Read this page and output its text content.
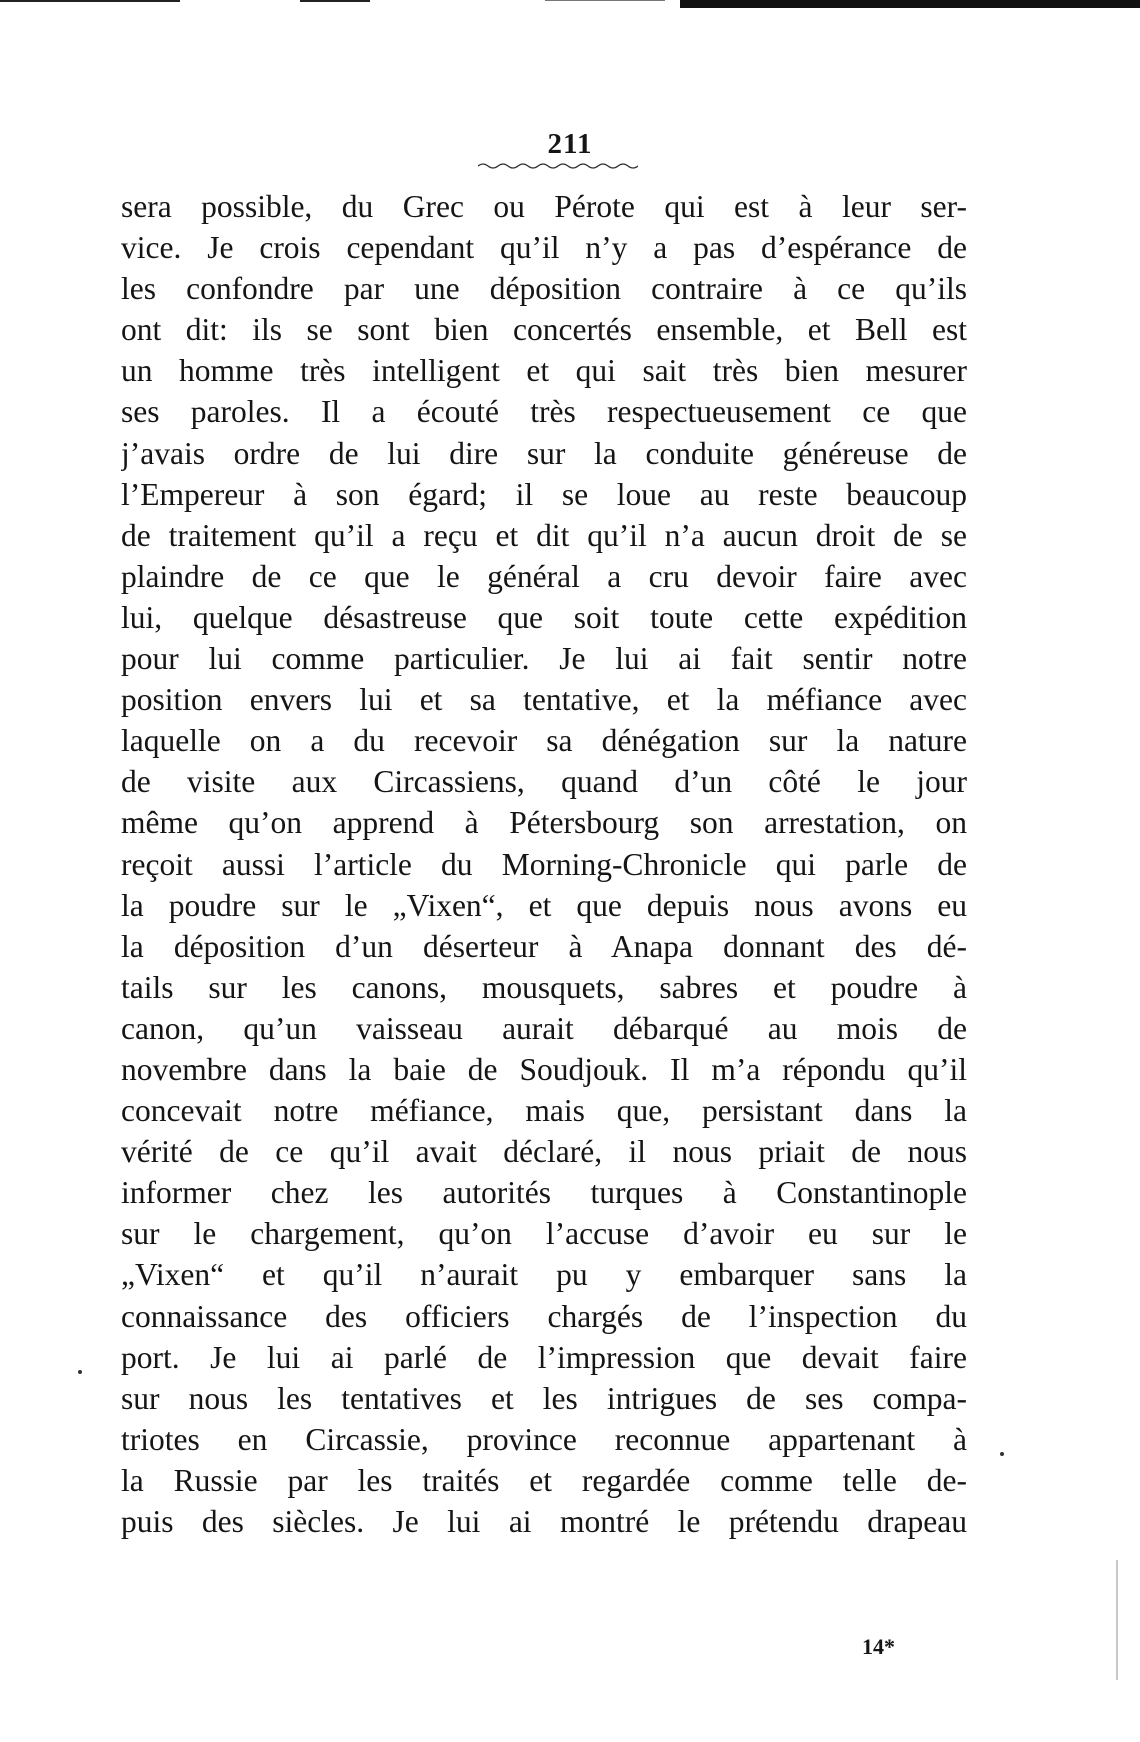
211
sera possible, du Grec ou Pérote qui est à leur ser-
vice. Je crois cependant qu’il n’y a pas d’espérance de
les confondre par une déposition contraire à ce qu’ils
ont dit: ils se sont bien concertés ensemble, et Bell est
un homme très intelligent et qui sait très bien mesurer
ses paroles. Il a écouté très respectueusement ce que
j’avais ordre de lui dire sur la conduite généreuse de
l’Empereur à son égard; il se loue au reste beaucoup
de traitement qu’il a reçu et dit qu’il n’a aucun droit de se
plaindre de ce que le général a cru devoir faire avec
lui, quelque désastreuse que soit toute cette expédition
pour lui comme particulier. Je lui ai fait sentir notre
position envers lui et sa tentative, et la méfiance avec
laquelle on a du recevoir sa dénégation sur la nature
de visite aux Circassiens, quand d’un côté le jour
même qu’on apprend à Pétersbourg son arrestation, on
reçoit aussi l’article du Morning-Chronicle qui parle de
la poudre sur le „Vixen“, et que depuis nous avons eu
la déposition d’un déserteur à Anapa donnant des dé-
tails sur les canons, mousquets, sabres et poudre à
canon, qu’un vaisseau aurait débarqué au mois de
novembre dans la baie de Soudjouk. Il m’a répondu qu’il
concevait notre méfiance, mais que, persistant dans la
vérité de ce qu’il avait déclaré, il nous priait de nous
informer chez les autorités turques à Constantinople
sur le chargement, qu’on l’accuse d’avoir eu sur le
„Vixen“ et qu’il n’aurait pu y embarquer sans la
connaissance des officiers chargés de l’inspection du
port. Je lui ai parlé de l’impression que devait faire
sur nous les tentatives et les intrigues de ses compa-
triotes en Circassie, province reconnue appartenant à
la Russie par les traités et regardée comme telle de-
puis des siècles. Je lui ai montré le prétendu drapeau
14*
